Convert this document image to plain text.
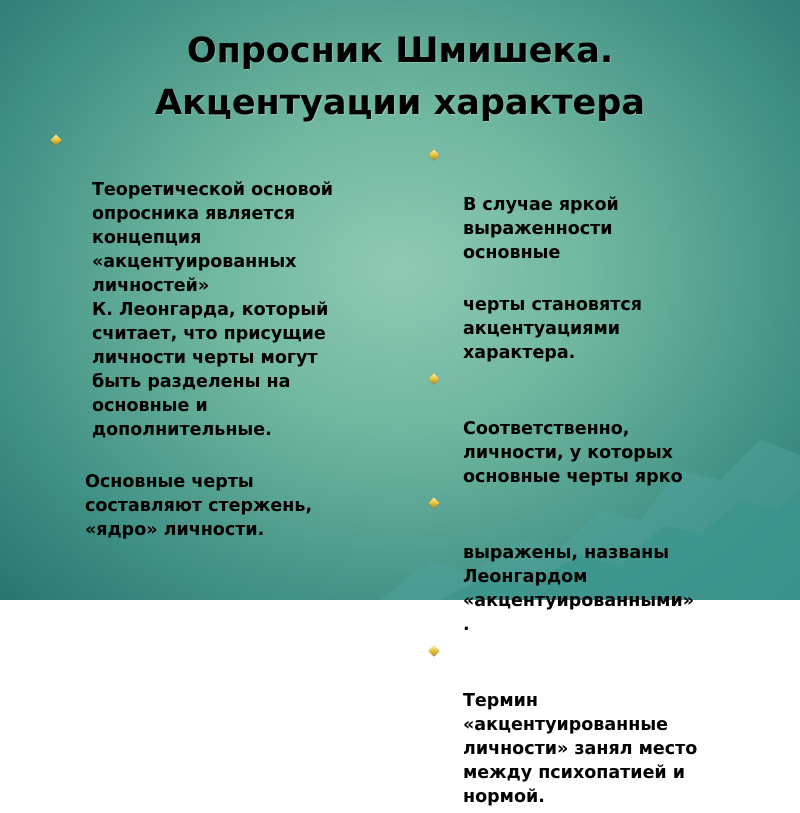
Опросник Шмишека.
Акцентуации характера

Теоретической основой
опросника является
концепция
«акцентуированных
личностей»
К. Леонгарда, который
считает, что присущие
личности черты могут
быть разделены на
основные и
дополнительные.

Основные черты
составляют стержень,
«ядро» личности.

В случае яркой
выраженности
основные

черты становятся
акцентуациями
характера.

Соответственно,
личности, у которых
основные черты ярко

выражены, названы
Леонгардом
«акцентуированными»
.

Термин
«акцентуированные
личности» занял место
между психопатией и
нормой.
